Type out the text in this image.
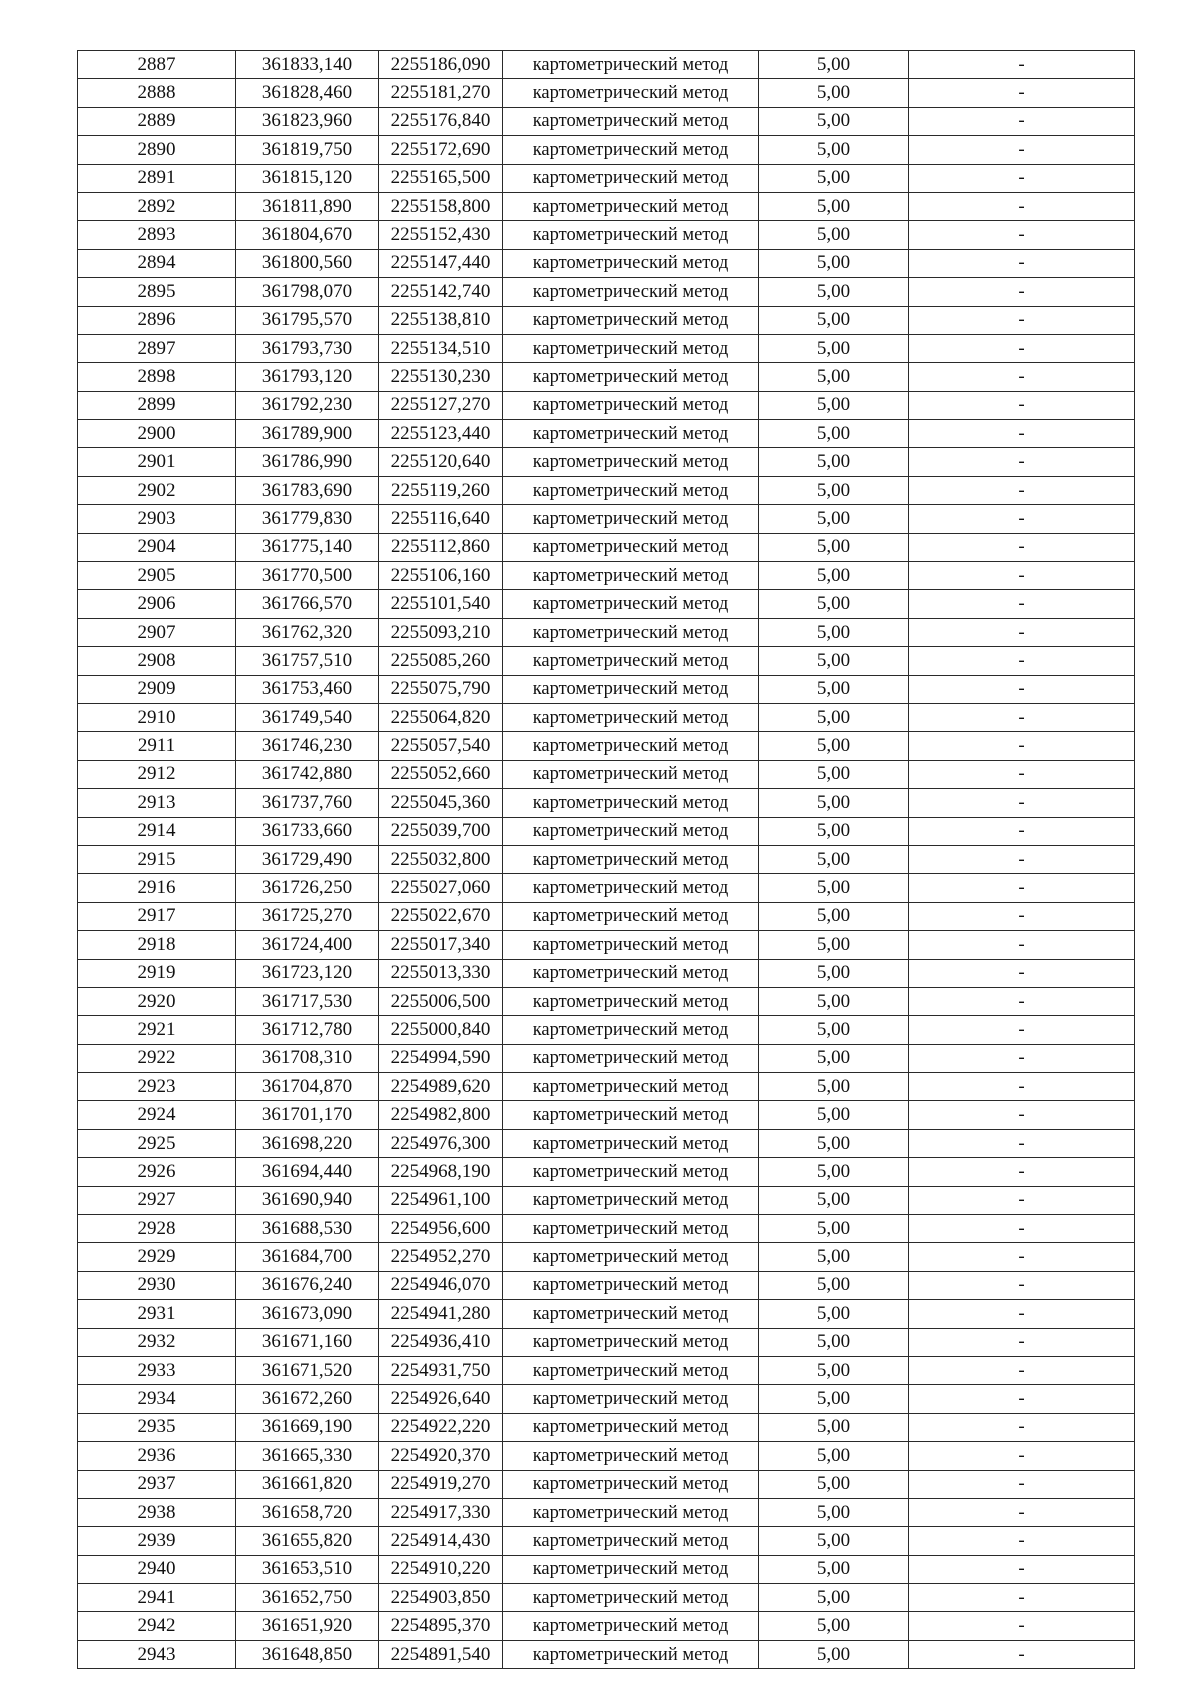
2887	361833,140	2255186,090	картометрический метод	5,00	-
2888	361828,460	2255181,270	картометрический метод	5,00	-
2889	361823,960	2255176,840	картометрический метод	5,00	-
2890	361819,750	2255172,690	картометрический метод	5,00	-
2891	361815,120	2255165,500	картометрический метод	5,00	-
2892	361811,890	2255158,800	картометрический метод	5,00	-
2893	361804,670	2255152,430	картометрический метод	5,00	-
2894	361800,560	2255147,440	картометрический метод	5,00	-
2895	361798,070	2255142,740	картометрический метод	5,00	-
2896	361795,570	2255138,810	картометрический метод	5,00	-
2897	361793,730	2255134,510	картометрический метод	5,00	-
2898	361793,120	2255130,230	картометрический метод	5,00	-
2899	361792,230	2255127,270	картометрический метод	5,00	-
2900	361789,900	2255123,440	картометрический метод	5,00	-
2901	361786,990	2255120,640	картометрический метод	5,00	-
2902	361783,690	2255119,260	картометрический метод	5,00	-
2903	361779,830	2255116,640	картометрический метод	5,00	-
2904	361775,140	2255112,860	картометрический метод	5,00	-
2905	361770,500	2255106,160	картометрический метод	5,00	-
2906	361766,570	2255101,540	картометрический метод	5,00	-
2907	361762,320	2255093,210	картометрический метод	5,00	-
2908	361757,510	2255085,260	картометрический метод	5,00	-
2909	361753,460	2255075,790	картометрический метод	5,00	-
2910	361749,540	2255064,820	картометрический метод	5,00	-
2911	361746,230	2255057,540	картометрический метод	5,00	-
2912	361742,880	2255052,660	картометрический метод	5,00	-
2913	361737,760	2255045,360	картометрический метод	5,00	-
2914	361733,660	2255039,700	картометрический метод	5,00	-
2915	361729,490	2255032,800	картометрический метод	5,00	-
2916	361726,250	2255027,060	картометрический метод	5,00	-
2917	361725,270	2255022,670	картометрический метод	5,00	-
2918	361724,400	2255017,340	картометрический метод	5,00	-
2919	361723,120	2255013,330	картометрический метод	5,00	-
2920	361717,530	2255006,500	картометрический метод	5,00	-
2921	361712,780	2255000,840	картометрический метод	5,00	-
2922	361708,310	2254994,590	картометрический метод	5,00	-
2923	361704,870	2254989,620	картометрический метод	5,00	-
2924	361701,170	2254982,800	картометрический метод	5,00	-
2925	361698,220	2254976,300	картометрический метод	5,00	-
2926	361694,440	2254968,190	картометрический метод	5,00	-
2927	361690,940	2254961,100	картометрический метод	5,00	-
2928	361688,530	2254956,600	картометрический метод	5,00	-
2929	361684,700	2254952,270	картометрический метод	5,00	-
2930	361676,240	2254946,070	картометрический метод	5,00	-
2931	361673,090	2254941,280	картометрический метод	5,00	-
2932	361671,160	2254936,410	картометрический метод	5,00	-
2933	361671,520	2254931,750	картометрический метод	5,00	-
2934	361672,260	2254926,640	картометрический метод	5,00	-
2935	361669,190	2254922,220	картометрический метод	5,00	-
2936	361665,330	2254920,370	картометрический метод	5,00	-
2937	361661,820	2254919,270	картометрический метод	5,00	-
2938	361658,720	2254917,330	картометрический метод	5,00	-
2939	361655,820	2254914,430	картометрический метод	5,00	-
2940	361653,510	2254910,220	картометрический метод	5,00	-
2941	361652,750	2254903,850	картометрический метод	5,00	-
2942	361651,920	2254895,370	картометрический метод	5,00	-
2943	361648,850	2254891,540	картометрический метод	5,00	-
